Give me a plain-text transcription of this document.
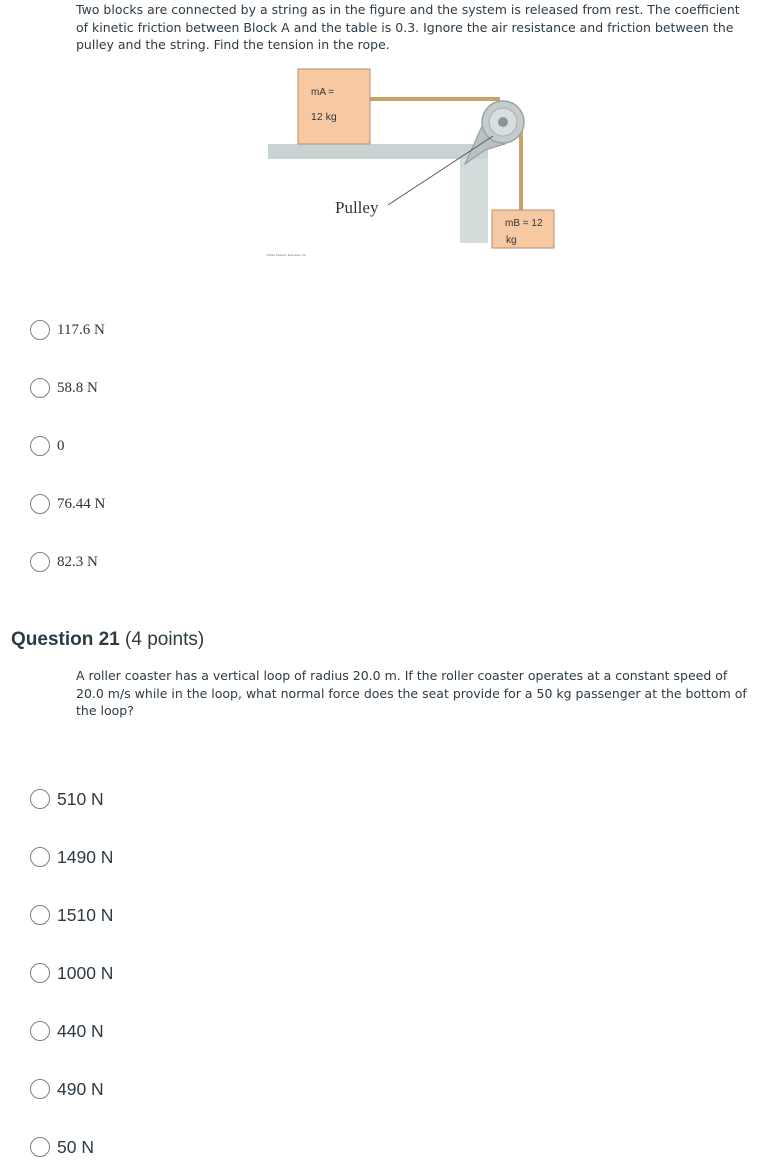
Two blocks are connected by a string as in the figure and the system is released from rest. The coefficient of kinetic friction between Block A and the table is 0.3. Ignore the air resistance and friction between the pulley and the string. Find the tension in the rope.
mA =
12 kg
Pulley
mB = 12
kg
©2010 Pearson Education Inc
117.6 N
58.8 N
0
76.44 N
82.3 N
Question 21 (4 points)
A roller coaster has a vertical loop of radius 20.0 m. If the roller coaster operates at a constant speed of 20.0 m/s while in the loop, what normal force does the seat provide for a 50 kg passenger at the bottom of the loop?
510 N
1490 N
1510 N
1000 N
440 N
490 N
50 N
